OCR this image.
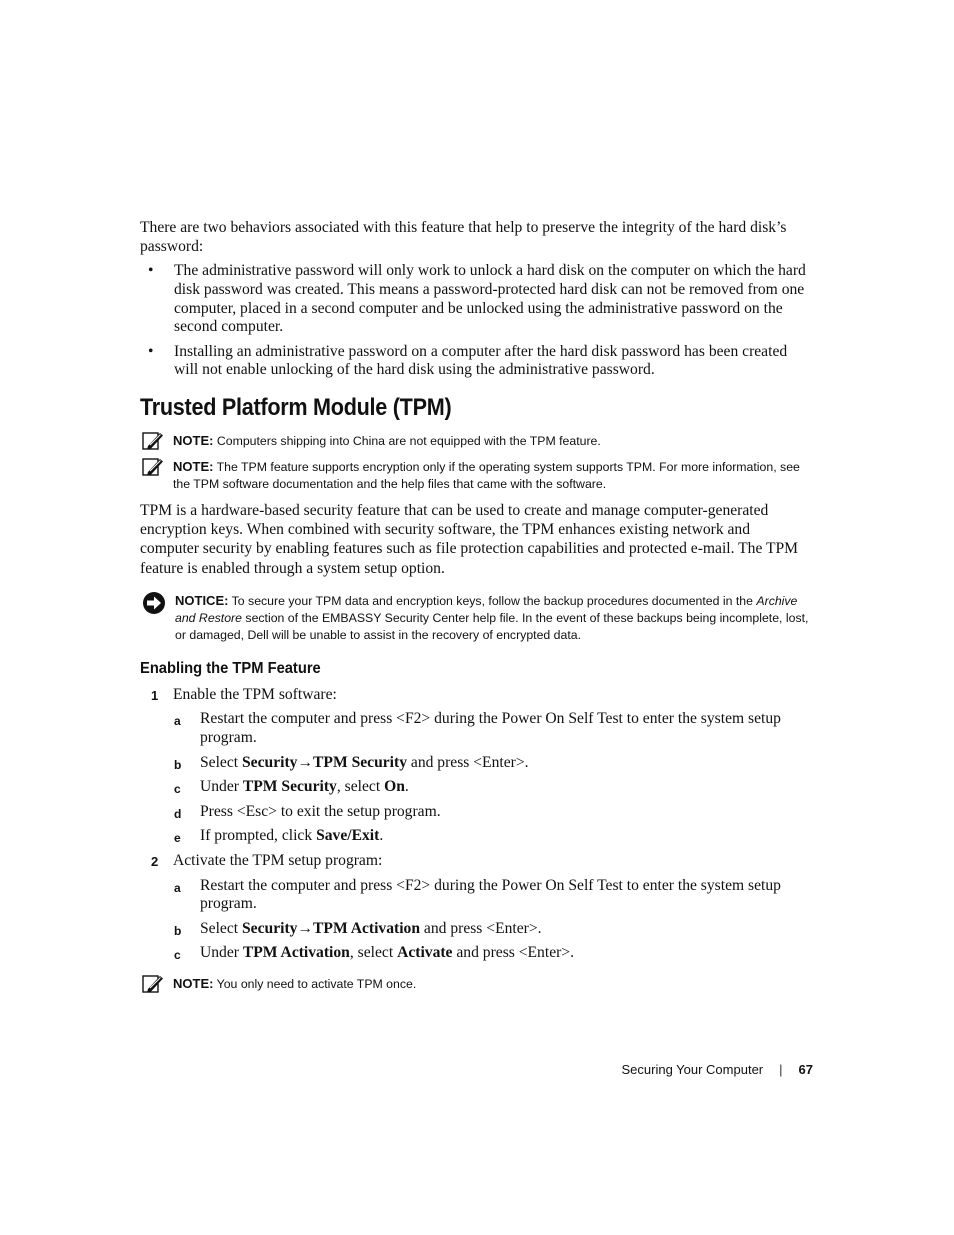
There are two behaviors associated with this feature that help to preserve the integrity of the hard disk’s password:

• The administrative password will only work to unlock a hard disk on the computer on which the hard disk password was created. This means a password-protected hard disk can not be removed from one computer, placed in a second computer and be unlocked using the administrative password on the second computer.
• Installing an administrative password on a computer after the hard disk password has been created will not enable unlocking of the hard disk using the administrative password.
Trusted Platform Module (TPM)
NOTE: Computers shipping into China are not equipped with the TPM feature.
NOTE: The TPM feature supports encryption only if the operating system supports TPM. For more information, see the TPM software documentation and the help files that came with the software.

TPM is a hardware-based security feature that can be used to create and manage computer-generated encryption keys. When combined with security software, the TPM enhances existing network and computer security by enabling features such as file protection capabilities and protected e-mail. The TPM feature is enabled through a system setup option.

NOTICE: To secure your TPM data and encryption keys, follow the backup procedures documented in the Archive and Restore section of the EMBASSY Security Center help file. In the event of these backups being incomplete, lost, or damaged, Dell will be unable to assist in the recovery of encrypted data.
Enabling the TPM Feature
1 Enable the TPM software:
a Restart the computer and press <F2> during the Power On Self Test to enter the system setup program.
b Select Security→TPM Security and press <Enter>.
c Under TPM Security, select On.
d Press <Esc> to exit the setup program.
e If prompted, click Save/Exit.
2 Activate the TPM setup program:
a Restart the computer and press <F2> during the Power On Self Test to enter the system setup program.
b Select Security→TPM Activation and press <Enter>.
c Under TPM Activation, select Activate and press <Enter>.
NOTE: You only need to activate TPM once.
Securing Your Computer | 67
